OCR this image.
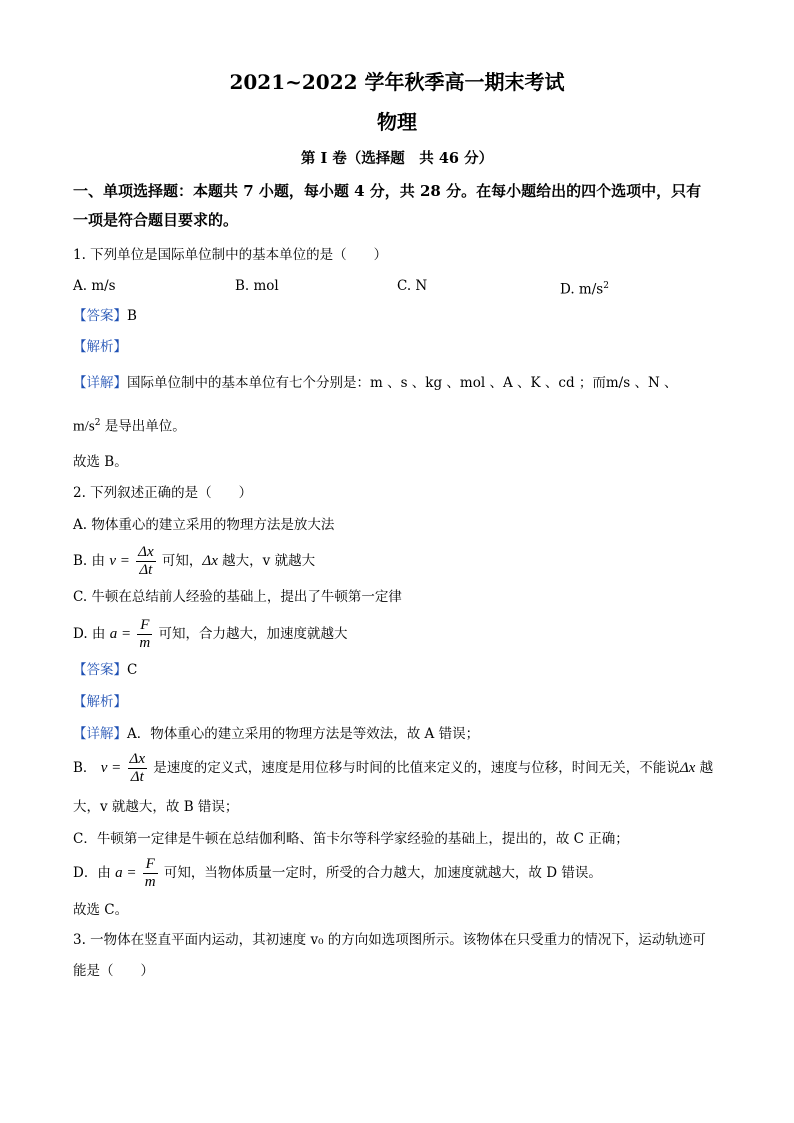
2021~2022 学年秋季高一期末考试
物理
第 I 卷（选择题　共 46 分）
一、单项选择题：本题共 7 小题，每小题 4 分，共 28 分。在每小题给出的四个选项中，只有
一项是符合题目要求的。
1. 下列单位是国际单位制中的基本单位的是（　　）
A. m/s	B. mol	C. N	D. $m/s^2$
【答案】B
【解析】
【详解】国际单位制中的基本单位有七个分别是：m 、s 、kg 、mol 、A 、K 、cd ；而m/s 、N 、
$m/s^2$ 是导出单位。
故选 B。
2. 下列叙述正确的是（　　）
A. 物体重心的建立采用的物理方法是放大法
B. 由 $v = \frac{\Delta x}{\Delta t}$ 可知，Δx 越大，v 就越大
C. 牛顿在总结前人经验的基础上，提出了牛顿第一定律
D. 由 $a = \frac{F}{m}$ 可知，合力越大，加速度就越大
【答案】C
【解析】
【详解】A．物体重心的建立采用的物理方法是等效法，故 A 错误；
B． $v = \frac{\Delta x}{\Delta t}$ 是速度的定义式，速度是用位移与时间的比值来定义的，速度与位移，时间无关，不能说Δx 越
大，v 就越大，故 B 错误；
C．牛顿第一定律是牛顿在总结伽利略、笛卡尔等科学家经验的基础上，提出的，故 C 正确；
D．由 $a = \frac{F}{m}$ 可知，当物体质量一定时，所受的合力越大，加速度就越大，故 D 错误。
故选 C。
3. 一物体在竖直平面内运动，其初速度 v₀ 的方向如选项图所示。该物体在只受重力的情况下，运动轨迹可
能是（　　）
